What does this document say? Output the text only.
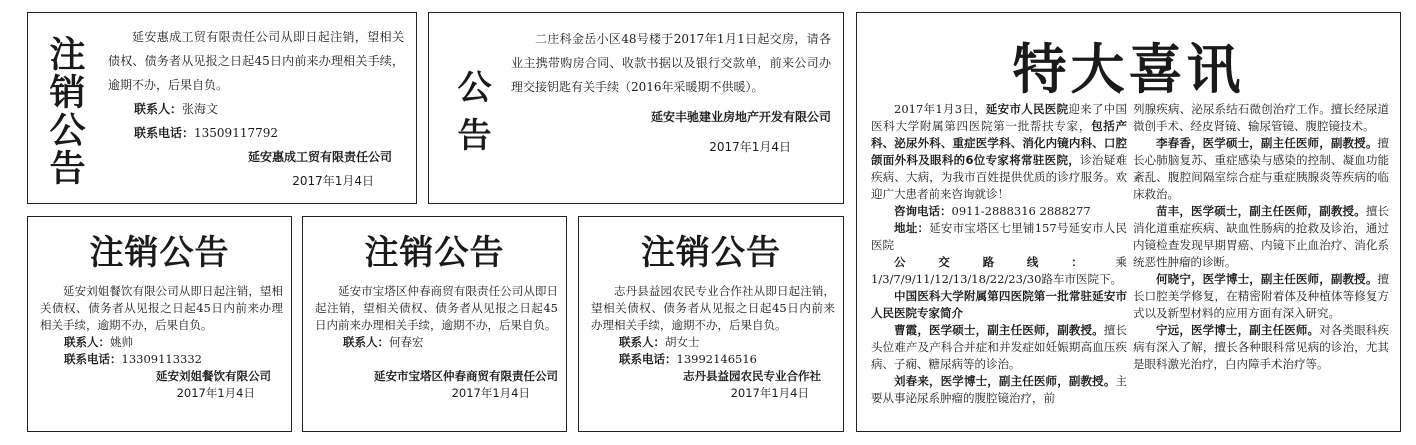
注销公告	延安惠成工贸有限责任公司从即日起注销，望相关债权、债务者从见报之日起45日内前来办理相关手续，逾期不办，后果自负。

联系人：张海文

联系电话：13509117792

延安惠成工贸有限责任公司

2017年1月4日

公告

二庄科金岳小区48号楼于2017年1月1日起交房，请各业主携带购房合同、收款书据以及银行交款单，前来公司办理交接钥匙有关手续（2016年采暖期不供暖）。

延安丰驰建业房地产开发有限公司

2017年1月4日

注销公告

延安刘姐餐饮有限公司从即日起注销，望相关债权、债务者从见报之日起45日内前来办理相关手续，逾期不办，后果自负。

联系人：姚帅

联系电话：13309113332

延安刘姐餐饮有限公司

2017年1月4日

注销公告

延安市宝塔区仲春商贸有限责任公司从即日起注销，望相关债权、债务者从见报之日起45日内前来办理相关手续，逾期不办，后果自负。

联系人：何春宏

延安市宝塔区仲春商贸有限责任公司

2017年1月4日

注销公告

志丹县益园农民专业合作社从即日起注销，望相关债权、债务者从见报之日起45日内前来办理相关手续，逾期不办，后果自负。

联系人：胡女士

联系电话：13992146516

志丹县益园农民专业合作社

2017年1月4日

特大喜讯

2017年1月3日，延安市人民医院迎来了中国医科大学附属第四医院第一批帮扶专家，包括产科、泌尿外科、重症医学科、消化内镜内科、口腔颌面外科及眼科的6位专家将常驻医院，诊治疑难疾病、大病，为我市百姓提供优质的诊疗服务。欢迎广大患者前来咨询就诊！

咨询电话：0911-2888316 2888277

地址：延安市宝塔区七里铺157号延安市人民医院

公交路线：乘1/3/7/9/11/12/13/18/22/23/30路车市医院下。

中国医科大学附属第四医院第一批常驻延安市人民医院专家简介

曹霞，医学硕士，副主任医师，副教授。擅长头位难产及产科合并症和并发症如妊娠期高血压疾病、子痫、糖尿病等的诊治。

刘春来，医学博士，副主任医师，副教授。主要从事泌尿系肿瘤的腹腔镜治疗，前

列腺疾病、泌尿系结石微创治疗工作。擅长经尿道微创手术、经皮肾镜、输尿管镜、腹腔镜技术。

李春香，医学硕士，副主任医师，副教授。擅长心肺脑复苏、重症感染与感染的控制、凝血功能紊乱、腹腔间隔室综合症与重症胰腺炎等疾病的临床救治。

苗丰，医学硕士，副主任医师，副教授。擅长消化道重症疾病、缺血性肠病的抢救及诊治，通过内镜检查发现早期胃癌、内镜下止血治疗、消化系统恶性肿瘤的诊断。

何晓宁，医学博士，副主任医师，副教授。擅长口腔美学修复，在精密附着体及种植体等修复方式以及新型材料的应用方面有深入研究。

宁远，医学博士，副主任医师。对各类眼科疾病有深入了解，擅长各种眼科常见病的诊治，尤其是眼科激光治疗，白内障手术治疗等。
